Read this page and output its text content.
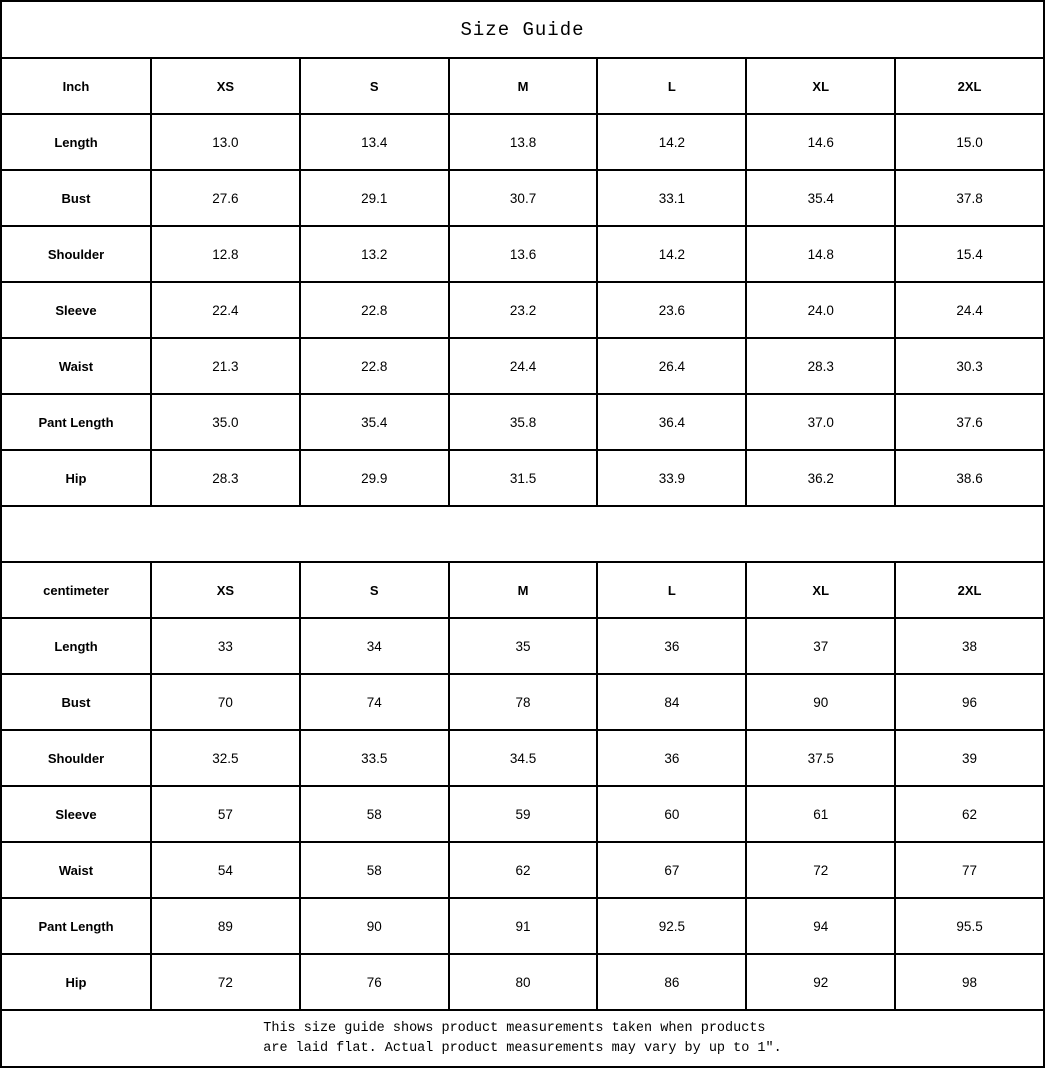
Size Guide						
Inch	XS	S	M	L	XL	2XL
Length	13.0	13.4	13.8	14.2	14.6	15.0
Bust	27.6	29.1	30.7	33.1	35.4	37.8
Shoulder	12.8	13.2	13.6	14.2	14.8	15.4
Sleeve	22.4	22.8	23.2	23.6	24.0	24.4
Waist	21.3	22.8	24.4	26.4	28.3	30.3
Pant Length	35.0	35.4	35.8	36.4	37.0	37.6
Hip	28.3	29.9	31.5	33.9	36.2	38.6

centimeter	XS	S	M	L	XL	2XL
Length	33	34	35	36	37	38
Bust	70	74	78	84	90	96
Shoulder	32.5	33.5	34.5	36	37.5	39
Sleeve	57	58	59	60	61	62
Waist	54	58	62	67	72	77
Pant Length	89	90	91	92.5	94	95.5
Hip	72	76	80	86	92	98

This size guide shows product measurements taken when products
are laid flat. Actual product measurements may vary by up to 1″.						
